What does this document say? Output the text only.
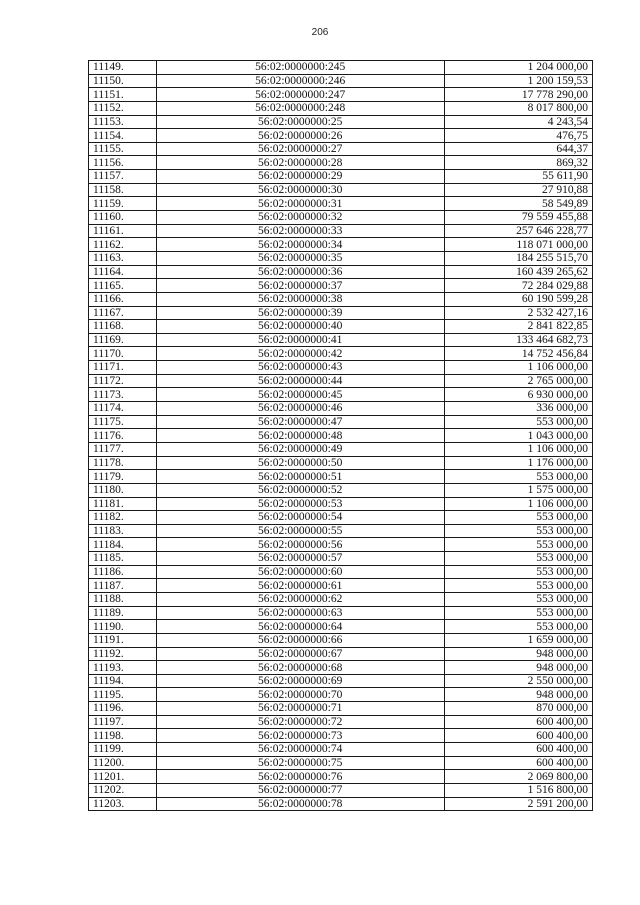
206
11149.	56:02:0000000:245	1 204 000,00
11150.	56:02:0000000:246	1 200 159,53
11151.	56:02:0000000:247	17 778 290,00
11152.	56:02:0000000:248	8 017 800,00
11153.	56:02:0000000:25	4 243,54
11154.	56:02:0000000:26	476,75
11155.	56:02:0000000:27	644,37
11156.	56:02:0000000:28	869,32
11157.	56:02:0000000:29	55 611,90
11158.	56:02:0000000:30	27 910,88
11159.	56:02:0000000:31	58 549,89
11160.	56:02:0000000:32	79 559 455,88
11161.	56:02:0000000:33	257 646 228,77
11162.	56:02:0000000:34	118 071 000,00
11163.	56:02:0000000:35	184 255 515,70
11164.	56:02:0000000:36	160 439 265,62
11165.	56:02:0000000:37	72 284 029,88
11166.	56:02:0000000:38	60 190 599,28
11167.	56:02:0000000:39	2 532 427,16
11168.	56:02:0000000:40	2 841 822,85
11169.	56:02:0000000:41	133 464 682,73
11170.	56:02:0000000:42	14 752 456,84
11171.	56:02:0000000:43	1 106 000,00
11172.	56:02:0000000:44	2 765 000,00
11173.	56:02:0000000:45	6 930 000,00
11174.	56:02:0000000:46	336 000,00
11175.	56:02:0000000:47	553 000,00
11176.	56:02:0000000:48	1 043 000,00
11177.	56:02:0000000:49	1 106 000,00
11178.	56:02:0000000:50	1 176 000,00
11179.	56:02:0000000:51	553 000,00
11180.	56:02:0000000:52	1 575 000,00
11181.	56:02:0000000:53	1 106 000,00
11182.	56:02:0000000:54	553 000,00
11183.	56:02:0000000:55	553 000,00
11184.	56:02:0000000:56	553 000,00
11185.	56:02:0000000:57	553 000,00
11186.	56:02:0000000:60	553 000,00
11187.	56:02:0000000:61	553 000,00
11188.	56:02:0000000:62	553 000,00
11189.	56:02:0000000:63	553 000,00
11190.	56:02:0000000:64	553 000,00
11191.	56:02:0000000:66	1 659 000,00
11192.	56:02:0000000:67	948 000,00
11193.	56:02:0000000:68	948 000,00
11194.	56:02:0000000:69	2 550 000,00
11195.	56:02:0000000:70	948 000,00
11196.	56:02:0000000:71	870 000,00
11197.	56:02:0000000:72	600 400,00
11198.	56:02:0000000:73	600 400,00
11199.	56:02:0000000:74	600 400,00
11200.	56:02:0000000:75	600 400,00
11201.	56:02:0000000:76	2 069 800,00
11202.	56:02:0000000:77	1 516 800,00
11203.	56:02:0000000:78	2 591 200,00
